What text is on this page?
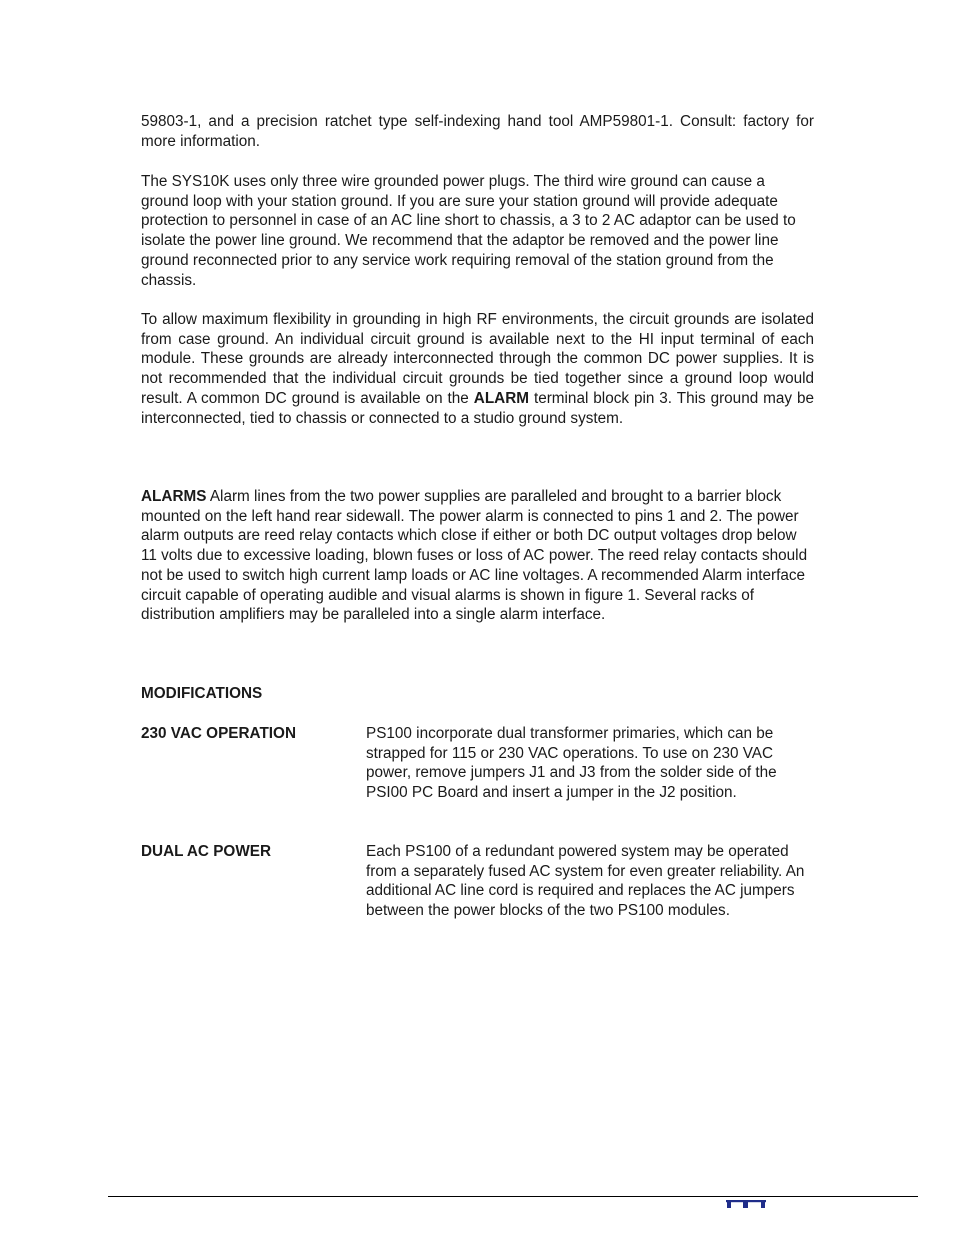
59803-1, and a precision ratchet type self-indexing hand tool AMP59801-1. Consult: factory for more information.

The SYS10K uses only three wire grounded power plugs. The third wire ground can cause a ground loop with your station ground. If you are sure your station ground will provide adequate protection to personnel in case of an AC line short to chassis, a 3 to 2 AC adaptor can be used to isolate the power line ground. We recommend that the adaptor be removed and the power line ground reconnected prior to any service work requiring removal of the station ground from the chassis.

To allow maximum flexibility in grounding in high RF environments, the circuit grounds are isolated from case ground. An individual circuit ground is available next to the HI input terminal of each module. These grounds are already interconnected through the common DC power supplies. It is not recommended that the individual circuit grounds be tied together since a ground loop would result. A common DC ground is available on the ALARM terminal block pin 3. This ground may be interconnected, tied to chassis or connected to a studio ground system.

ALARMS Alarm lines from the two power supplies are paralleled and brought to a barrier block mounted on the left hand rear sidewall. The power alarm is connected to pins 1 and 2. The power alarm outputs are reed relay contacts which close if either or both DC output voltages drop below 11 volts due to excessive loading, blown fuses or loss of AC power. The reed relay contacts should not be used to switch high current lamp loads or AC line voltages. A recommended Alarm interface circuit capable of operating audible and visual alarms is shown in figure 1. Several racks of distribution amplifiers may be paralleled into a single alarm interface.

MODIFICATIONS

230 VAC OPERATION	PS100 incorporate dual transformer primaries, which can be strapped for 115 or 230 VAC operations. To use on 230 VAC power, remove jumpers J1 and J3 from the solder side of the PSI00 PC Board and insert a jumper in the J2 position.

DUAL AC POWER	Each PS100 of a redundant powered system may be operated from a separately fused AC system for even greater reliability. An additional AC line cord is required and replaces the AC jumpers between the power blocks of the two PS100 modules.
